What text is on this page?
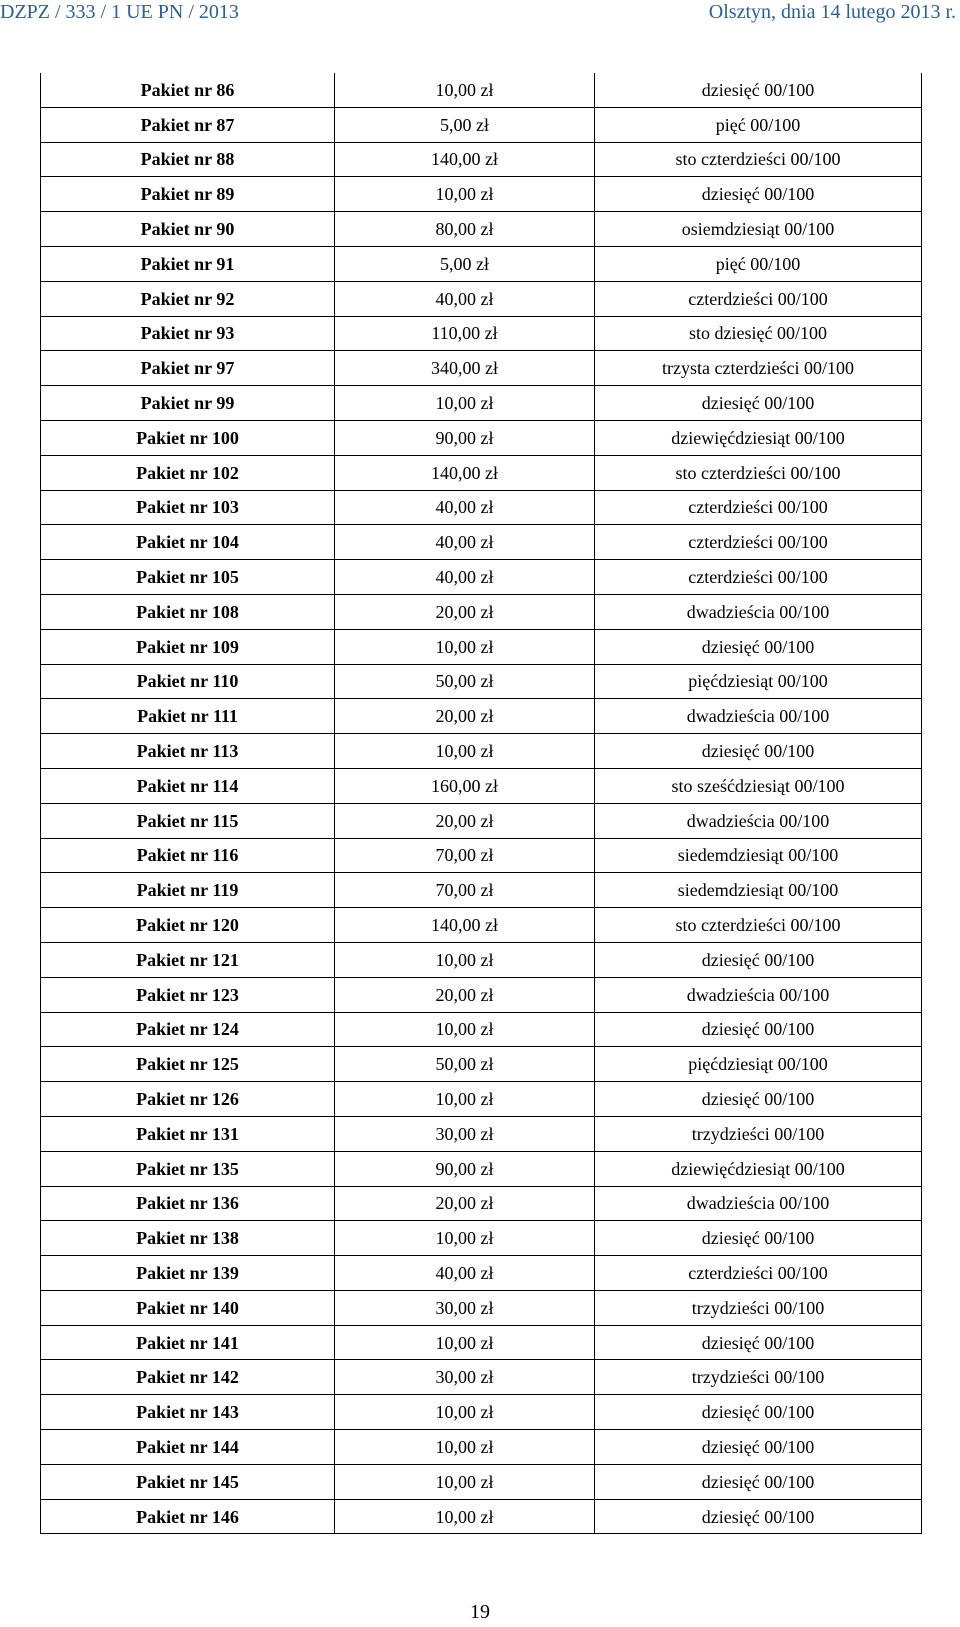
DZPZ / 333 / 1 UE PN / 2013	Olsztyn, dnia 14 lutego 2013 r.
Pakiet nr 86	10,00 zł	dziesięć 00/100
Pakiet nr 87	5,00 zł	pięć 00/100
Pakiet nr 88	140,00 zł	sto czterdzieści 00/100
Pakiet nr 89	10,00 zł	dziesięć 00/100
Pakiet nr 90	80,00 zł	osiemdziesiąt 00/100
Pakiet nr 91	5,00 zł	pięć 00/100
Pakiet nr 92	40,00 zł	czterdzieści 00/100
Pakiet nr 93	110,00 zł	sto dziesięć 00/100
Pakiet nr 97	340,00 zł	trzysta czterdzieści 00/100
Pakiet nr 99	10,00 zł	dziesięć 00/100
Pakiet nr 100	90,00 zł	dziewięćdziesiąt 00/100
Pakiet nr 102	140,00 zł	sto czterdzieści 00/100
Pakiet nr 103	40,00 zł	czterdzieści 00/100
Pakiet nr 104	40,00 zł	czterdzieści 00/100
Pakiet nr 105	40,00 zł	czterdzieści 00/100
Pakiet nr 108	20,00 zł	dwadzieścia 00/100
Pakiet nr 109	10,00 zł	dziesięć 00/100
Pakiet nr 110	50,00 zł	pięćdziesiąt 00/100
Pakiet nr 111	20,00 zł	dwadzieścia 00/100
Pakiet nr 113	10,00 zł	dziesięć 00/100
Pakiet nr 114	160,00 zł	sto sześćdziesiąt 00/100
Pakiet nr 115	20,00 zł	dwadzieścia 00/100
Pakiet nr 116	70,00 zł	siedemdziesiąt 00/100
Pakiet nr 119	70,00 zł	siedemdziesiąt 00/100
Pakiet nr 120	140,00 zł	sto czterdzieści 00/100
Pakiet nr 121	10,00 zł	dziesięć 00/100
Pakiet nr 123	20,00 zł	dwadzieścia 00/100
Pakiet nr 124	10,00 zł	dziesięć 00/100
Pakiet nr 125	50,00 zł	pięćdziesiąt 00/100
Pakiet nr 126	10,00 zł	dziesięć 00/100
Pakiet nr 131	30,00 zł	trzydzieści 00/100
Pakiet nr 135	90,00 zł	dziewięćdziesiąt 00/100
Pakiet nr 136	20,00 zł	dwadzieścia 00/100
Pakiet nr 138	10,00 zł	dziesięć 00/100
Pakiet nr 139	40,00 zł	czterdzieści 00/100
Pakiet nr 140	30,00 zł	trzydzieści 00/100
Pakiet nr 141	10,00 zł	dziesięć 00/100
Pakiet nr 142	30,00 zł	trzydzieści 00/100
Pakiet nr 143	10,00 zł	dziesięć 00/100
Pakiet nr 144	10,00 zł	dziesięć 00/100
Pakiet nr 145	10,00 zł	dziesięć 00/100
Pakiet nr 146	10,00 zł	dziesięć 00/100
19
